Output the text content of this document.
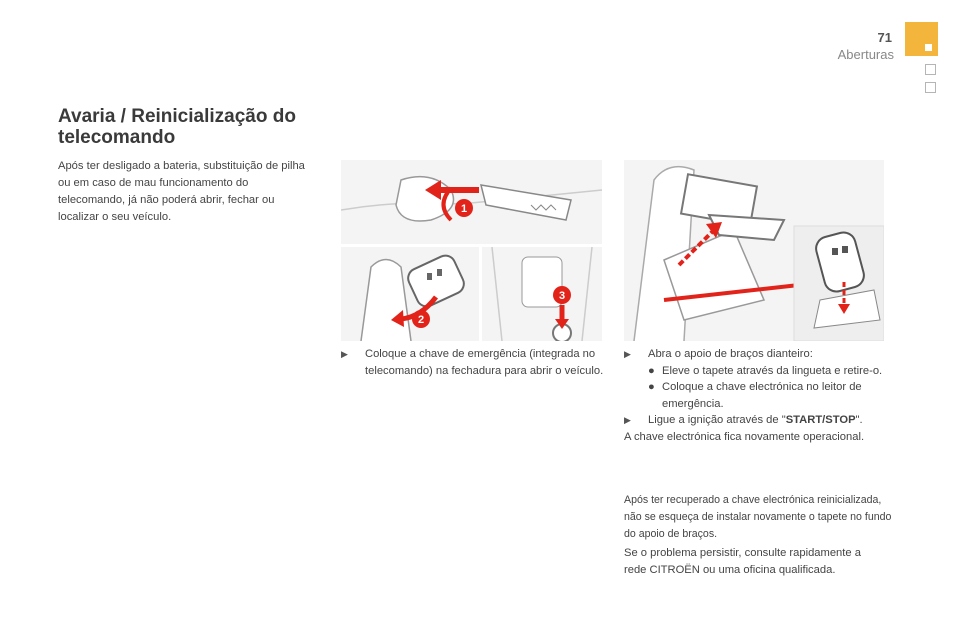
71
Aberturas
Avaria / Reinicialização do telecomando

Após ter desligado a bateria, substituição de pilha ou em caso de mau funcionamento do telecomando, já não poderá abrir, fechar ou localizar o seu veículo.

1
2
3

▶ Coloque a chave de emergência (integrada no telecomando) na fechadura para abrir o veículo.

▶ Abra o apoio de braços dianteiro:

● Eleve o tapete através da lingueta e retire-o.

● Coloque a chave electrónica no leitor de emergência.

▶ Ligue a ignição através de "START/STOP".

A chave electrónica fica novamente operacional.

Após ter recuperado a chave electrónica reinicializada, não se esqueça de instalar novamente o tapete no fundo do apoio de braços.

Se o problema persistir, consulte rapidamente a rede CITROËN ou uma oficina qualificada.
